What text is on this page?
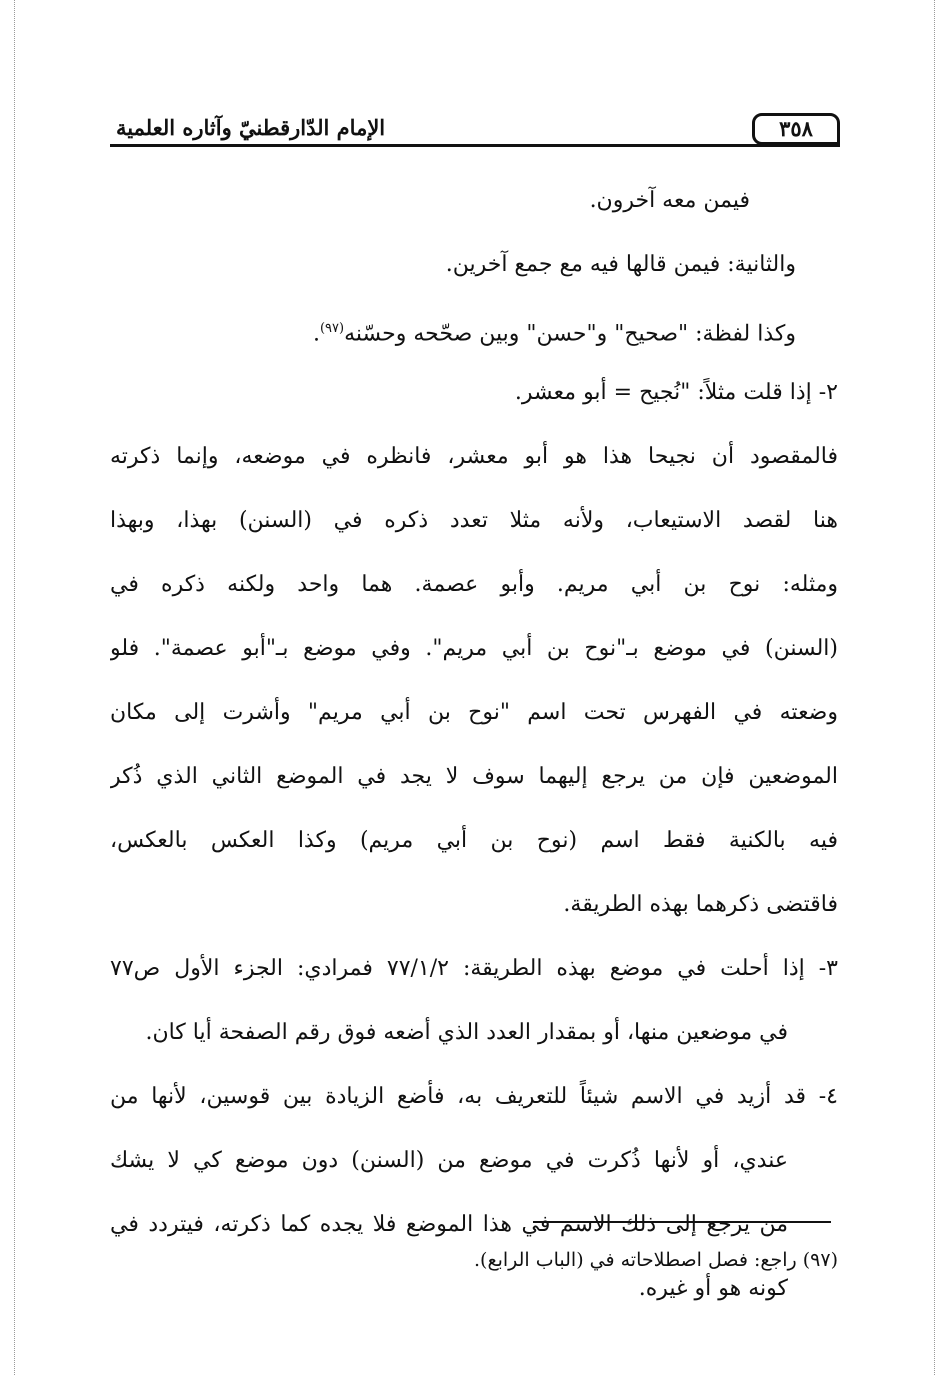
٣٥٨
الإمام الدّارقطنيّ وآثاره العلمية
فيمن معه آخرون.
والثانية: فيمن قالها فيه مع جمع آخرين.
وكذا لفظة: "صحيح" و"حسن" وبين صحّحه وحسّنه$^{(٩٧)}$.
٢- إذا قلت مثلاً: "نُجيح = أبو معشر.
فالمقصود أن نجيحا هذا هو أبو معشر، فانظره في موضعه، وإنما ذكرته
هنا لقصد الاستيعاب، ولأنه مثلا تعدد ذكره في (السنن) بهذا، وبهذا
ومثله: نوح بن أبي مريم. وأبو عصمة. هما واحد ولكنه ذكره في
(السنن) في موضع بـ"نوح بن أبي مريم". وفي موضع بـ"أبو عصمة". فلو
وضعته في الفهرس تحت اسم "نوح بن أبي مريم" وأشرت إلى مكان
الموضعين فإن من يرجع إليهما سوف لا يجد في الموضع الثاني الذي ذُكر
فيه بالكنية فقط اسم (نوح بن أبي مريم) وكذا العكس بالعكس،
فاقتضى ذكرهما بهذه الطريقة.
٣- إذا أحلت في موضع بهذه الطريقة: ٧٧/١/٢ فمرادي: الجزء الأول ص٧٧
في موضعين منها، أو بمقدار العدد الذي أضعه فوق رقم الصفحة أيا كان.
٤- قد أزيد في الاسم شيئاً للتعريف به، فأضع الزيادة بين قوسين، لأنها من
عندي، أو لأنها ذُكرت في موضع من (السنن) دون موضع كي لا يشك
من يرجع إلى ذلك الاسم في هذا الموضع فلا يجده كما ذكرته، فيتردد في
كونه هو أو غيره.
(٩٧) راجع: فصل اصطلاحاته في (الباب الرابع).
